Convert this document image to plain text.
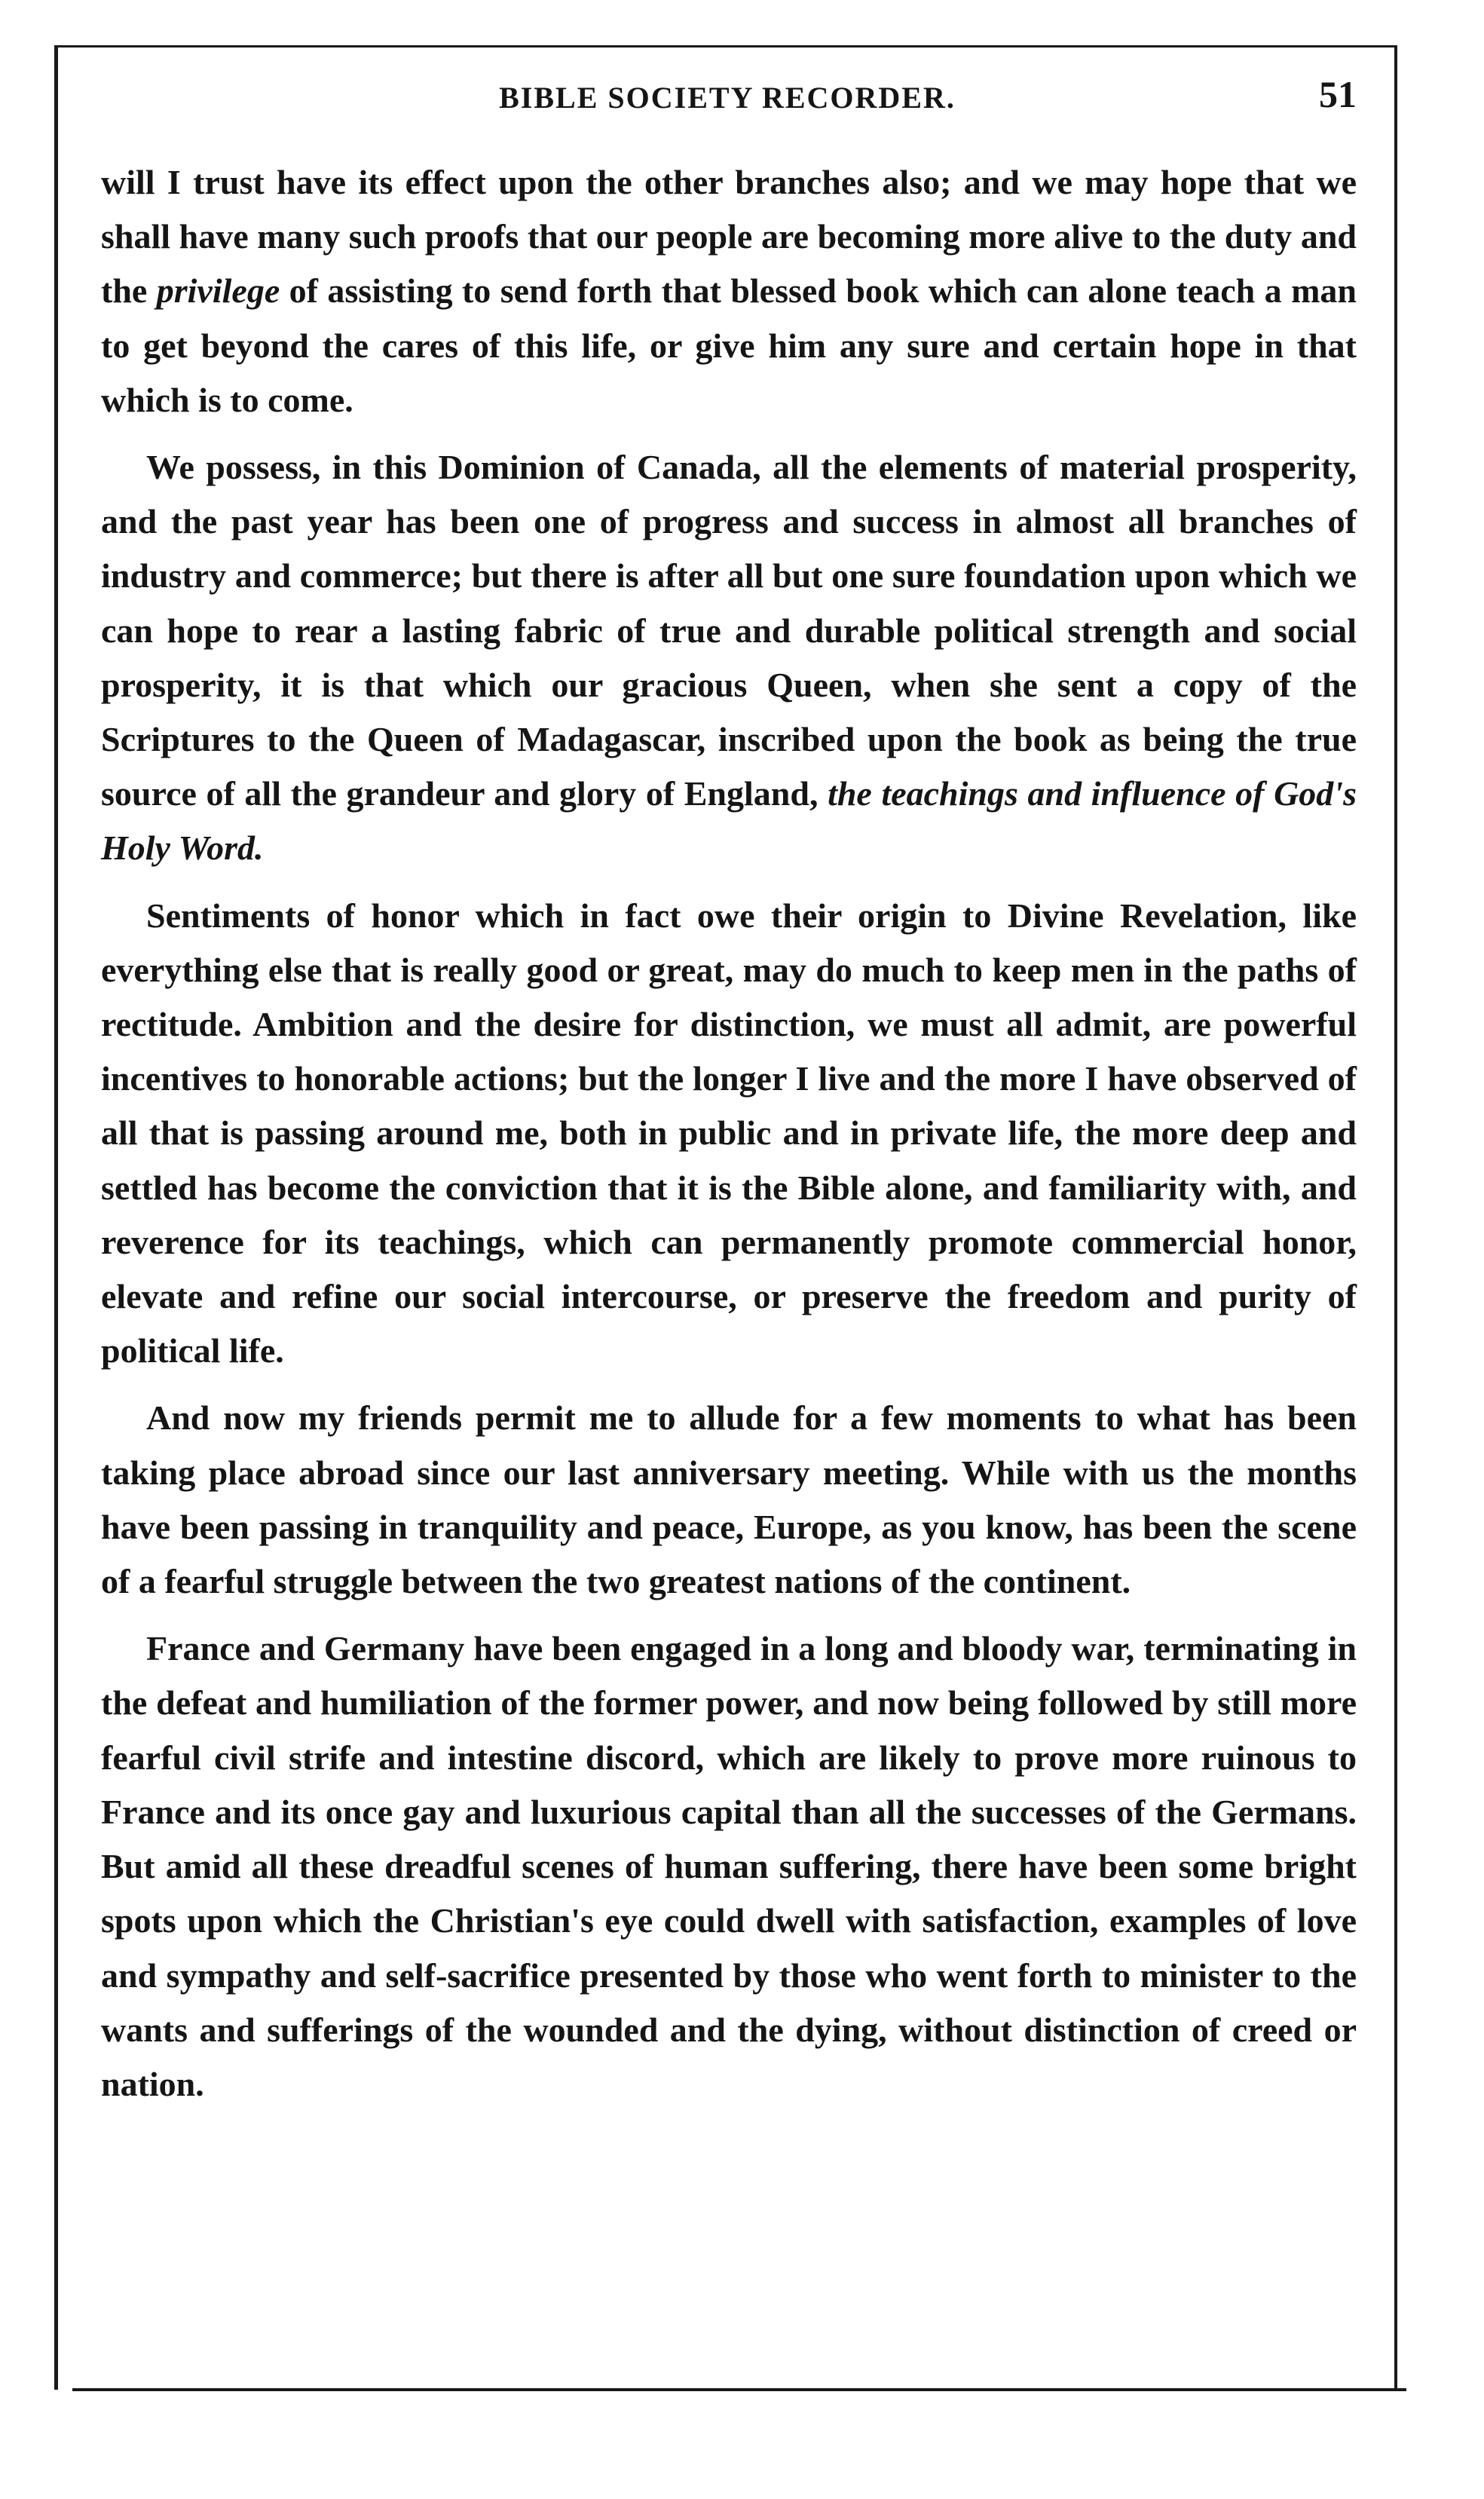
BIBLE SOCIETY RECORDER.	51

will I trust have its effect upon the other branches also; and we may hope that we shall have many such proofs that our people are becoming more alive to the duty and the privilege of assisting to send forth that blessed book which can alone teach a man to get beyond the cares of this life, or give him any sure and certain hope in that which is to come.

We possess, in this Dominion of Canada, all the elements of material prosperity, and the past year has been one of progress and success in almost all branches of industry and commerce; but there is after all but one sure foundation upon which we can hope to rear a lasting fabric of true and durable political strength and social prosperity, it is that which our gracious Queen, when she sent a copy of the Scriptures to the Queen of Madagascar, inscribed upon the book as being the true source of all the grandeur and glory of England, the teachings and influence of God's Holy Word.

Sentiments of honor which in fact owe their origin to Divine Revelation, like everything else that is really good or great, may do much to keep men in the paths of rectitude. Ambition and the desire for distinction, we must all admit, are powerful incentives to honorable actions; but the longer I live and the more I have observed of all that is passing around me, both in public and in private life, the more deep and settled has become the conviction that it is the Bible alone, and familiarity with, and reverence for its teachings, which can permanently promote commercial honor, elevate and refine our social intercourse, or preserve the freedom and purity of political life.

And now my friends permit me to allude for a few moments to what has been taking place abroad since our last anniversary meeting. While with us the months have been passing in tranquility and peace, Europe, as you know, has been the scene of a fearful struggle between the two greatest nations of the continent.

France and Germany have been engaged in a long and bloody war, terminating in the defeat and humiliation of the former power, and now being followed by still more fearful civil strife and intestine discord, which are likely to prove more ruinous to France and its once gay and luxurious capital than all the successes of the Germans. But amid all these dreadful scenes of human suffering, there have been some bright spots upon which the Christian's eye could dwell with satisfaction, examples of love and sympathy and self-sacrifice presented by those who went forth to minister to the wants and sufferings of the wounded and the dying, without distinction of creed or nation.
